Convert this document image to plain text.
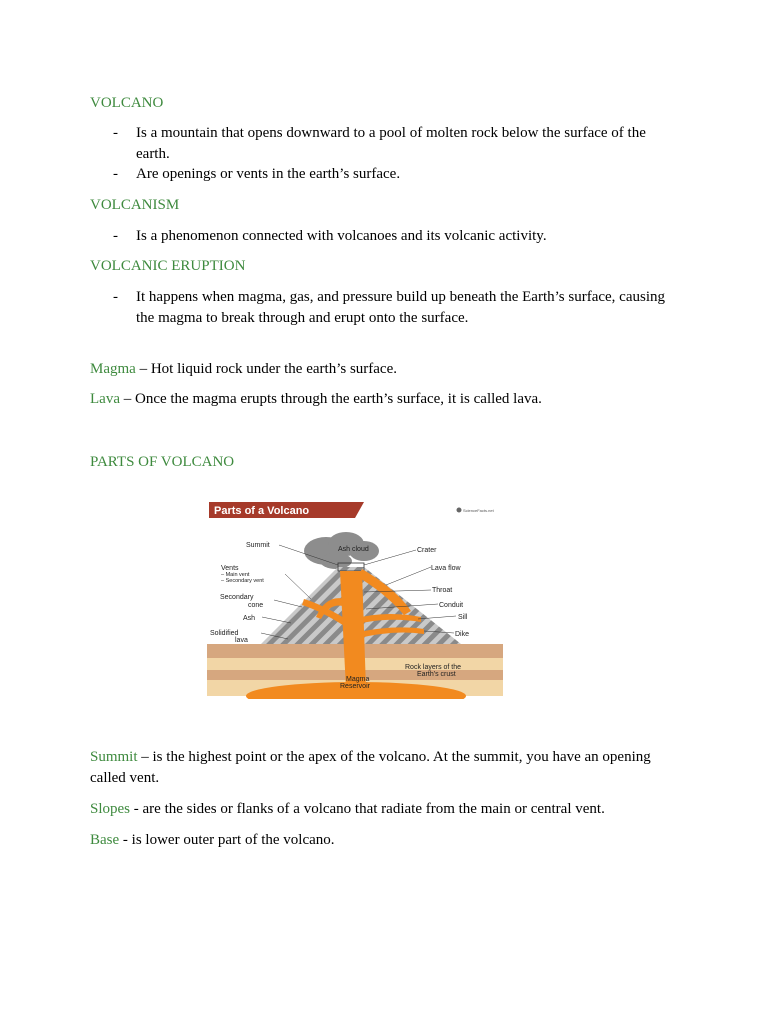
VOLCANO
- Is a mountain that opens downward to a pool of molten rock below the surface of the earth.
- Are openings or vents in the earth’s surface.
VOLCANISM
- Is a phenomenon connected with volcanoes and its volcanic activity.
VOLCANIC ERUPTION
- It happens when magma, gas, and pressure build up beneath the Earth’s surface, causing the magma to break through and erupt onto the surface.

Magma – Hot liquid rock under the earth’s surface.

Lava – Once the magma erupts through the earth’s surface, it is called lava.

PARTS OF VOLCANO
Parts of a Volcano	ScienceFacts.net
Summit
Ash cloud	Crater
Vents
– Main vent
– Secondary vent
Lava flow
Secondary
cone
Throat
Ash
Conduit
Sill
Solidified
lava
Dike
Rock layers of the
Earth's crust
Magma
Reservoir

Summit – is the highest point or the apex of the volcano. At the summit, you have an opening called vent.

Slopes - are the sides or flanks of a volcano that radiate from the main or central vent.

Base - is lower outer part of the volcano.
